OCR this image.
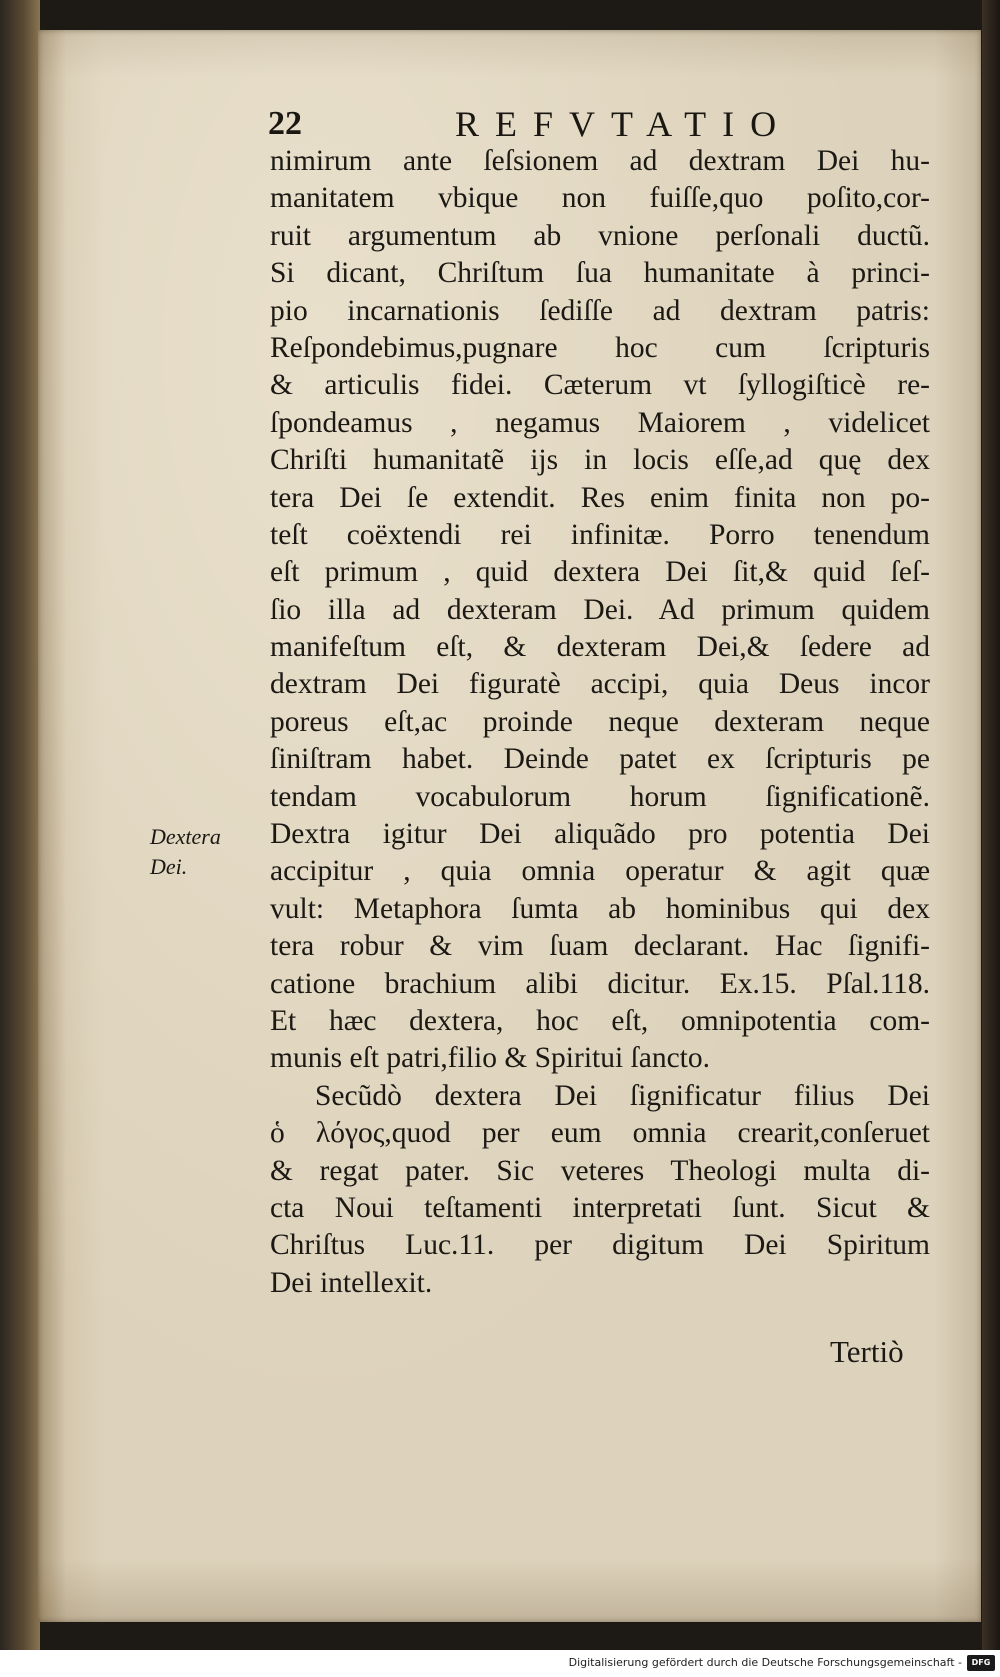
22	REFVTATIO
Dextera
Dei.
nimirum ante ſeſsionem ad dextram Dei hu-
manitatem vbique non fuiſſe,quo poſito,cor-
ruit argumentum ab vnione perſonali ductũ.
Si dicant, Chriſtum ſua humanitate à princi-
pio incarnationis ſediſſe ad dextram patris:
Reſpondebimus,pugnare hoc cum ſcripturis
& articulis fidei. Cæterum vt ſyllogiſticè re-
ſpondeamus , negamus Maiorem , videlicet
Chriſti humanitatẽ ijs in locis eſſe,ad quę dex
tera Dei ſe extendit. Res enim finita non po-
teſt coëxtendi rei infinitæ. Porro tenendum
eſt primum , quid dextera Dei ſit,& quid ſeſ-
ſio illa ad dexteram Dei. Ad primum quidem
manifeſtum eſt, & dexteram Dei,& ſedere ad
dextram Dei figuratè accipi, quia Deus incor
poreus eſt,ac proinde neque dexteram neque
ſiniſtram habet. Deinde patet ex ſcripturis pe
tendam vocabulorum horum ſignificationẽ.
Dextra igitur Dei aliquãdo pro potentia Dei
accipitur , quia omnia operatur & agit quæ
vult: Metaphora ſumta ab hominibus qui dex
tera robur & vim ſuam declarant. Hac ſignifi-
catione brachium alibi dicitur. Ex.15. Pſal.118.
Et hæc dextera, hoc eſt, omnipotentia com-
munis eſt patri,filio & Spiritui ſancto.
Secũdò dextera Dei ſignificatur filius Dei
ὁ λόγος,quod per eum omnia crearit,conſeruet
& regat pater. Sic veteres Theologi multa di-
cta Noui teſtamenti interpretati ſunt. Sicut &
Chriſtus Luc.11. per digitum Dei Spiritum
Dei intellexit.
Tertiò
Digitalisierung gefördert durch die Deutsche Forschungsgemeinschaft -	DFG
